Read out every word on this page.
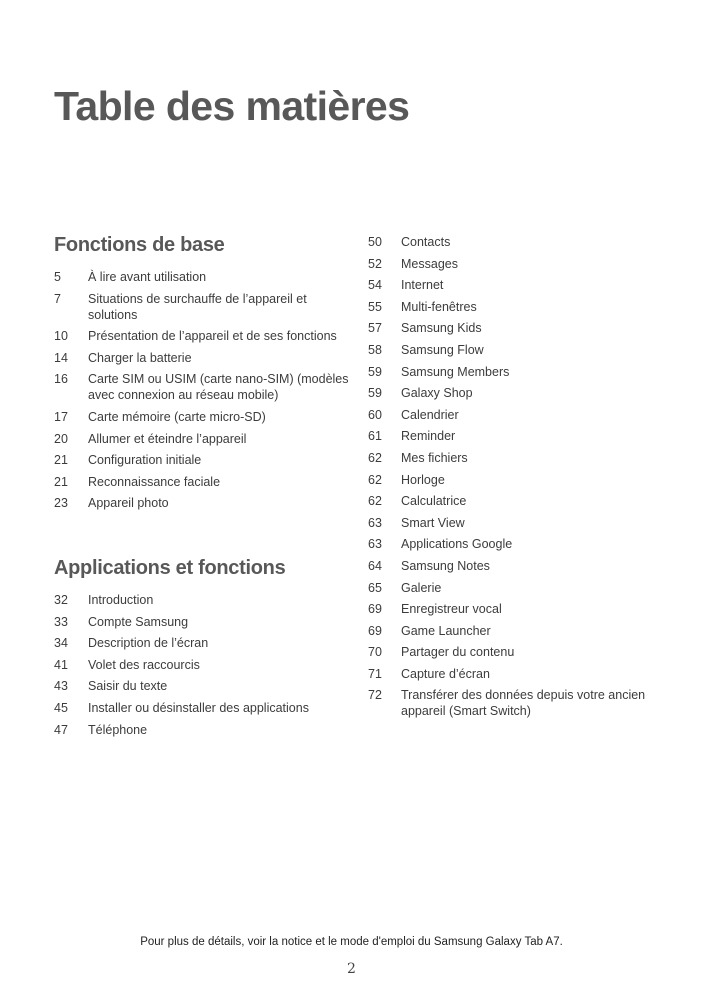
Table des matières
Fonctions de base
5	À lire avant utilisation
7	Situations de surchauffe de l’appareil et solutions
10	Présentation de l’appareil et de ses fonctions
14	Charger la batterie
16	Carte SIM ou USIM (carte nano-SIM) (modèles avec connexion au réseau mobile)
17	Carte mémoire (carte micro-SD)
20	Allumer et éteindre l’appareil
21	Configuration initiale
21	Reconnaissance faciale
23	Appareil photo
Applications et fonctions
32	Introduction
33	Compte Samsung
34	Description de l’écran
41	Volet des raccourcis
43	Saisir du texte
45	Installer ou désinstaller des applications
47	Téléphone
50	Contacts
52	Messages
54	Internet
55	Multi-fenêtres
57	Samsung Kids
58	Samsung Flow
59	Samsung Members
59	Galaxy Shop
60	Calendrier
61	Reminder
62	Mes fichiers
62	Horloge
62	Calculatrice
63	Smart View
63	Applications Google
64	Samsung Notes
65	Galerie
69	Enregistreur vocal
69	Game Launcher
70	Partager du contenu
71	Capture d’écran
72	Transférer des données depuis votre ancien appareil (Smart Switch)
Pour plus de détails, voir la notice et le mode d'emploi du Samsung Galaxy Tab A7.
2
